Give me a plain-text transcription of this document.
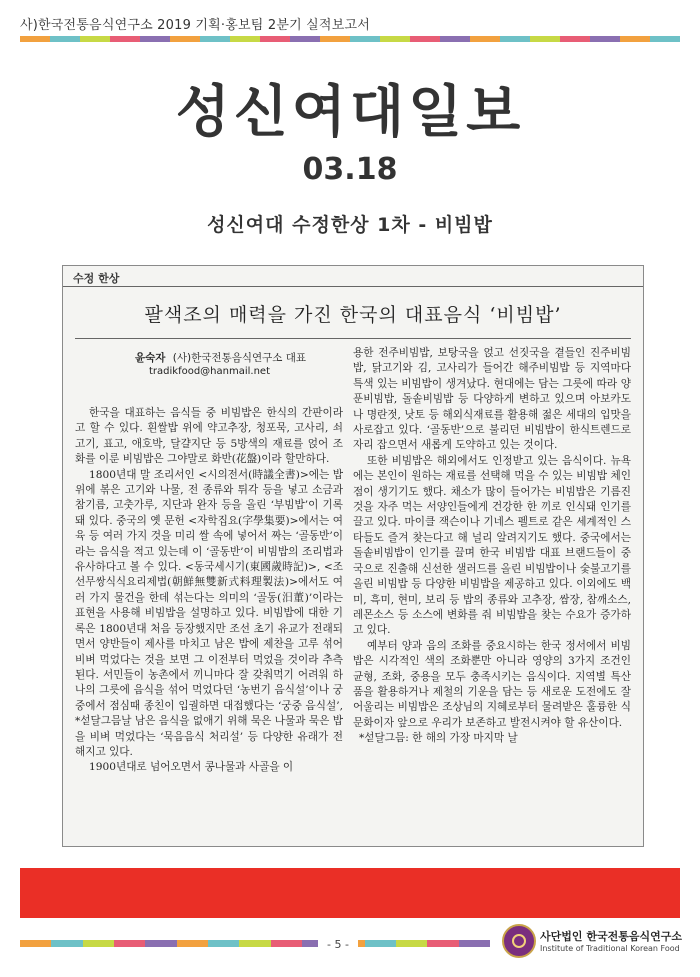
사)한국전통음식연구소 2019 기획·홍보팀 2분기 실적보고서
성신여대일보
03.18
성신여대 수정한상 1차 - 비빔밥
수정 한상
팔색조의 매력을 가진 한국의 대표음식 ‘비빔밥’
윤숙자 (사)한국전통음식연구소 대표
tradikfood@hanmail.net

한국을 대표하는 음식들 중 비빔밥은 한식의 간판이라고 할 수 있다. 흰쌀밥 위에 약고추장, 청포묵, 고사리, 쇠고기, 표고, 애호박, 달걀지단 등 5방색의 재료를 얹어 조화를 이룬 비빔밥은 그야말로 화반(花盤)이라 할만하다.

1800년대 말 조리서인 <시의전서(時議全書)>에는 밥 위에 볶은 고기와 나물, 전 종류와 튀각 등을 넣고 소금과 참기름, 고춧가루, 지단과 완자 등을 올린 ‘부빔밥’이 기록돼 있다. 중국의 옛 문헌 <자학집요(字學集要)>에서는 여육 등 여러 가지 것을 미리 쌀 속에 넣어서 짜는 ‘골동반’이라는 음식을 적고 있는데 이 ‘골동반’이 비빔밥의 조리법과 유사하다고 볼 수 있다. <동국세시기(東國歲時記)>, <조선무쌍식식요리제법(朝鮮無雙新式料理製法)>에서도 여러 가지 물건을 한데 섞는다는 의미의 ‘골동(汨董)’이라는 표현을 사용해 비빔밥을 설명하고 있다. 비빔밥에 대한 기록은 1800년대 처음 등장했지만 조선 초기 유교가 전래되면서 양반들이 제사를 마치고 남은 밥에 제찬을 고루 섞어 비벼 먹었다는 것을 보면 그 이전부터 먹었을 것이라 추측된다. 서민들이 농촌에서 끼니마다 잘 갖춰먹기 어려워 하나의 그릇에 음식을 섞어 먹었다던 ‘농번기 음식설’이나 궁중에서 점심때 종친이 입궐하면 대접했다는 ‘궁중 음식설’, *섣달그믐날 남은 음식을 없애기 위해 묵은 나물과 묵은 밥을 비벼 먹었다는 ‘묵음음식 처리설’ 등 다양한 유래가 전해지고 있다.

1900년대로 넘어오면서 콩나물과 사골을 이

용한 전주비빔밥, 보탕국을 얹고 선짓국을 곁들인 진주비빔밥, 닭고기와 김, 고사리가 들어간 해주비빔밥 등 지역마다 특색 있는 비빔밥이 생겨났다. 현대에는 담는 그릇에 따라 양푼비빔밥, 돌솥비빔밥 등 다양하게 변하고 있으며 아보카도나 명란젓, 낫토 등 해외식재료를 활용해 젊은 세대의 입맛을 사로잡고 있다. ‘골동반’으로 불리던 비빔밥이 한식트렌드로 자리 잡으면서 새롭게 도약하고 있는 것이다.

또한 비빔밥은 해외에서도 인정받고 있는 음식이다. 뉴욕에는 본인이 원하는 재료를 선택해 먹을 수 있는 비빔밥 체인점이 생기기도 했다. 채소가 많이 들어가는 비빔밥은 기름진 것을 자주 먹는 서양인들에게 건강한 한 끼로 인식돼 인기를 끌고 있다. 마이클 잭슨이나 기네스 펠트로 같은 세계적인 스타들도 즐겨 찾는다고 해 널리 알려지기도 했다. 중국에서는 돌솥비빔밥이 인기를 끌며 한국 비빔밥 대표 브랜드들이 중국으로 진출해 신선한 샐러드를 올린 비빔밥이나 숯불고기를 올린 비빔밥 등 다양한 비빔밥을 제공하고 있다. 이외에도 백미, 흑미, 현미, 보리 등 밥의 종류와 고추장, 쌈장, 참깨소스, 레몬소스 등 소스에 변화를 줘 비빔밥을 찾는 수요가 증가하고 있다.

예부터 양과 음의 조화를 중요시하는 한국 정서에서 비빔밥은 시각적인 색의 조화뿐만 아니라 영양의 3가지 조건인 균형, 조화, 중용을 모두 충족시키는 음식이다. 지역별 특산품을 활용하거나 제철의 기운을 담는 등 새로운 도전에도 잘 어울리는 비빔밥은 조상님의 지혜로부터 물려받은 훌륭한 식문화이자 앞으로 우리가 보존하고 발전시켜야 할 유산이다.

*섣달그믐: 한 해의 가장 마지막 날

- 5 -
사단법인 한국전통음식연구소
Institute of Traditional Korean Food
